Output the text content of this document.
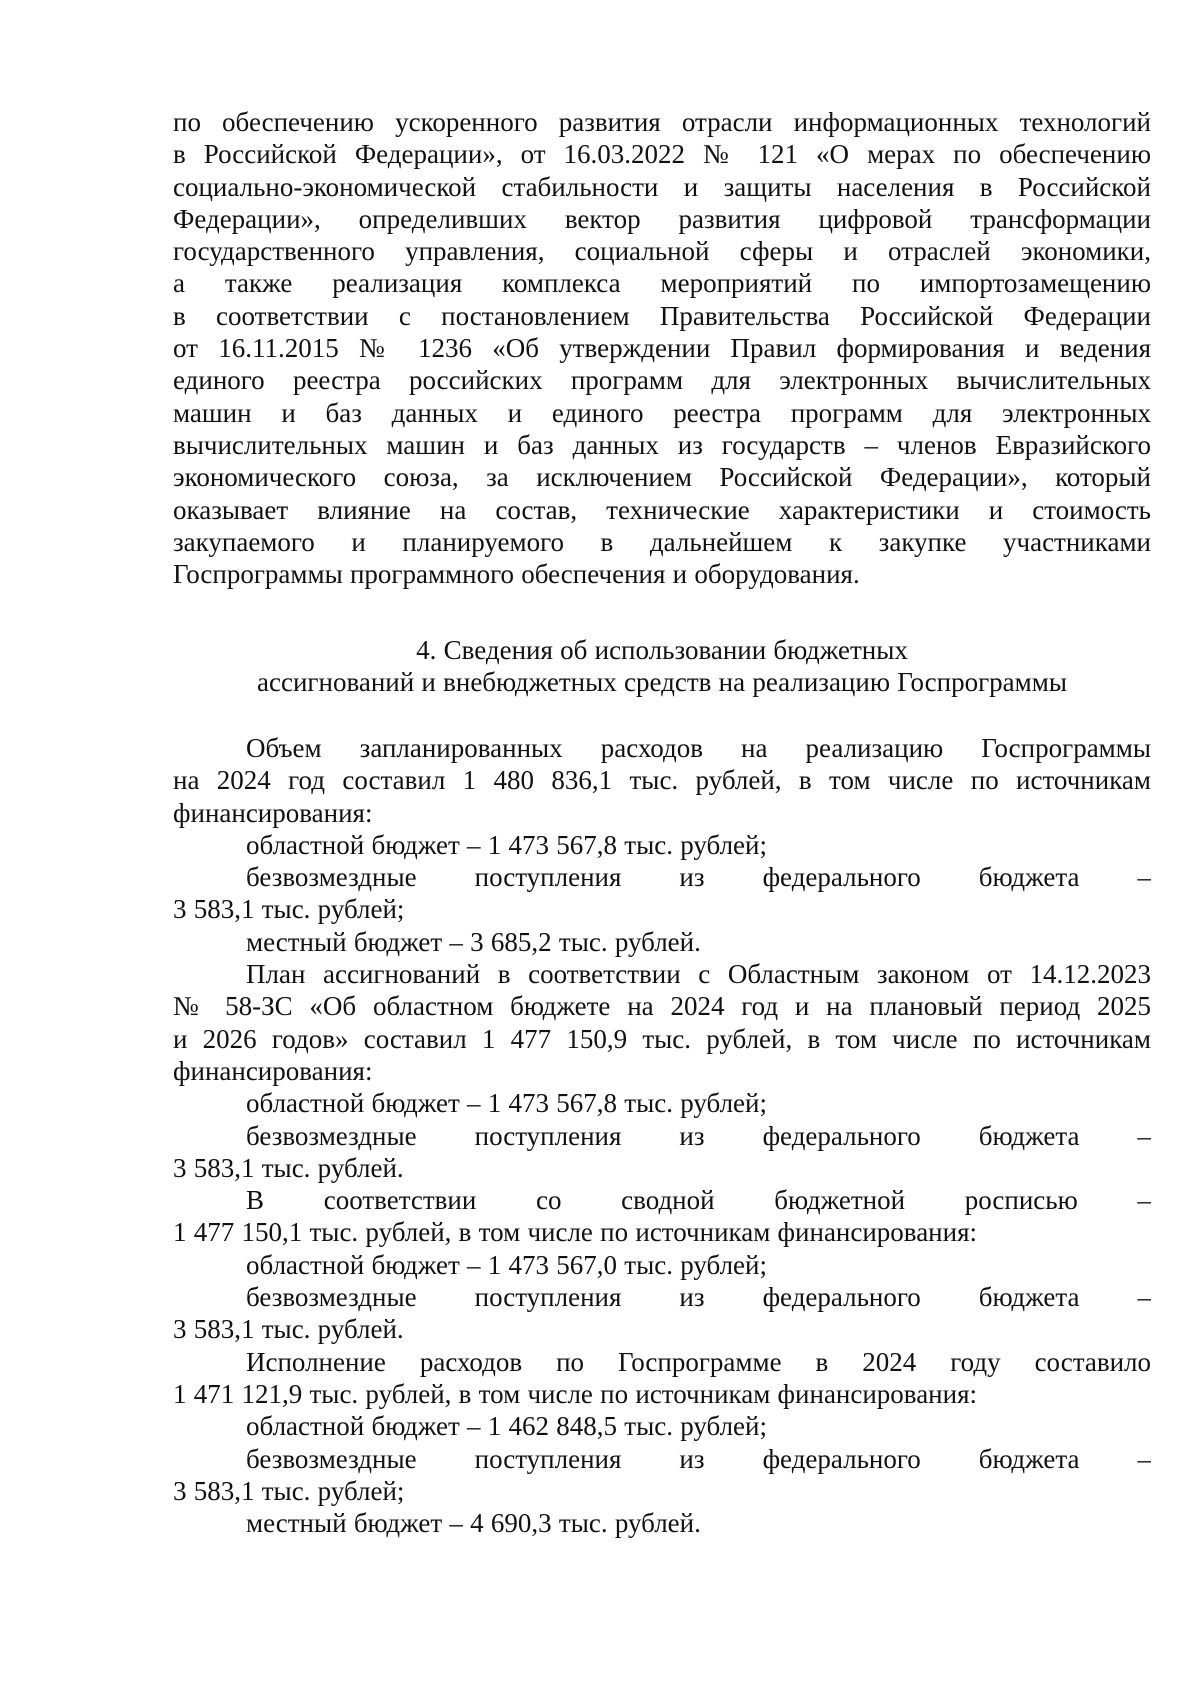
по обеспечению ускоренного развития отрасли информационных технологий
в Российской Федерации», от 16.03.2022 № 121 «О мерах по обеспечению
социально-экономической стабильности и защиты населения в Российской
Федерации», определивших вектор развития цифровой трансформации
государственного управления, социальной сферы и отраслей экономики,
а также реализация комплекса мероприятий по импортозамещению
в соответствии с постановлением Правительства Российской Федерации
от 16.11.2015 № 1236 «Об утверждении Правил формирования и ведения
единого реестра российских программ для электронных вычислительных
машин и баз данных и единого реестра программ для электронных
вычислительных машин и баз данных из государств – членов Евразийского
экономического союза, за исключением Российской Федерации», который
оказывает влияние на состав, технические характеристики и стоимость
закупаемого и планируемого в дальнейшем к закупке участниками
Госпрограммы программного обеспечения и оборудования.
4. Сведения об использовании бюджетных
ассигнований и внебюджетных средств на реализацию Госпрограммы
Объем запланированных расходов на реализацию Госпрограммы
на 2024 год составил 1 480 836,1 тыс. рублей, в том числе по источникам
финансирования:
областной бюджет – 1 473 567,8 тыс. рублей;
безвозмездные поступления из федерального бюджета –
3 583,1 тыс. рублей;
местный бюджет – 3 685,2 тыс. рублей.
План ассигнований в соответствии с Областным законом от 14.12.2023
№ 58-ЗС «Об областном бюджете на 2024 год и на плановый период 2025
и 2026 годов» составил 1 477 150,9 тыс. рублей, в том числе по источникам
финансирования:
областной бюджет – 1 473 567,8 тыс. рублей;
безвозмездные поступления из федерального бюджета –
3 583,1 тыс. рублей.
В соответствии со сводной бюджетной росписью –
1 477 150,1 тыс. рублей, в том числе по источникам финансирования:
областной бюджет – 1 473 567,0 тыс. рублей;
безвозмездные поступления из федерального бюджета –
3 583,1 тыс. рублей.
Исполнение расходов по Госпрограмме в 2024 году составило
1 471 121,9 тыс. рублей, в том числе по источникам финансирования:
областной бюджет – 1 462 848,5 тыс. рублей;
безвозмездные поступления из федерального бюджета –
3 583,1 тыс. рублей;
местный бюджет – 4 690,3 тыс. рублей.
